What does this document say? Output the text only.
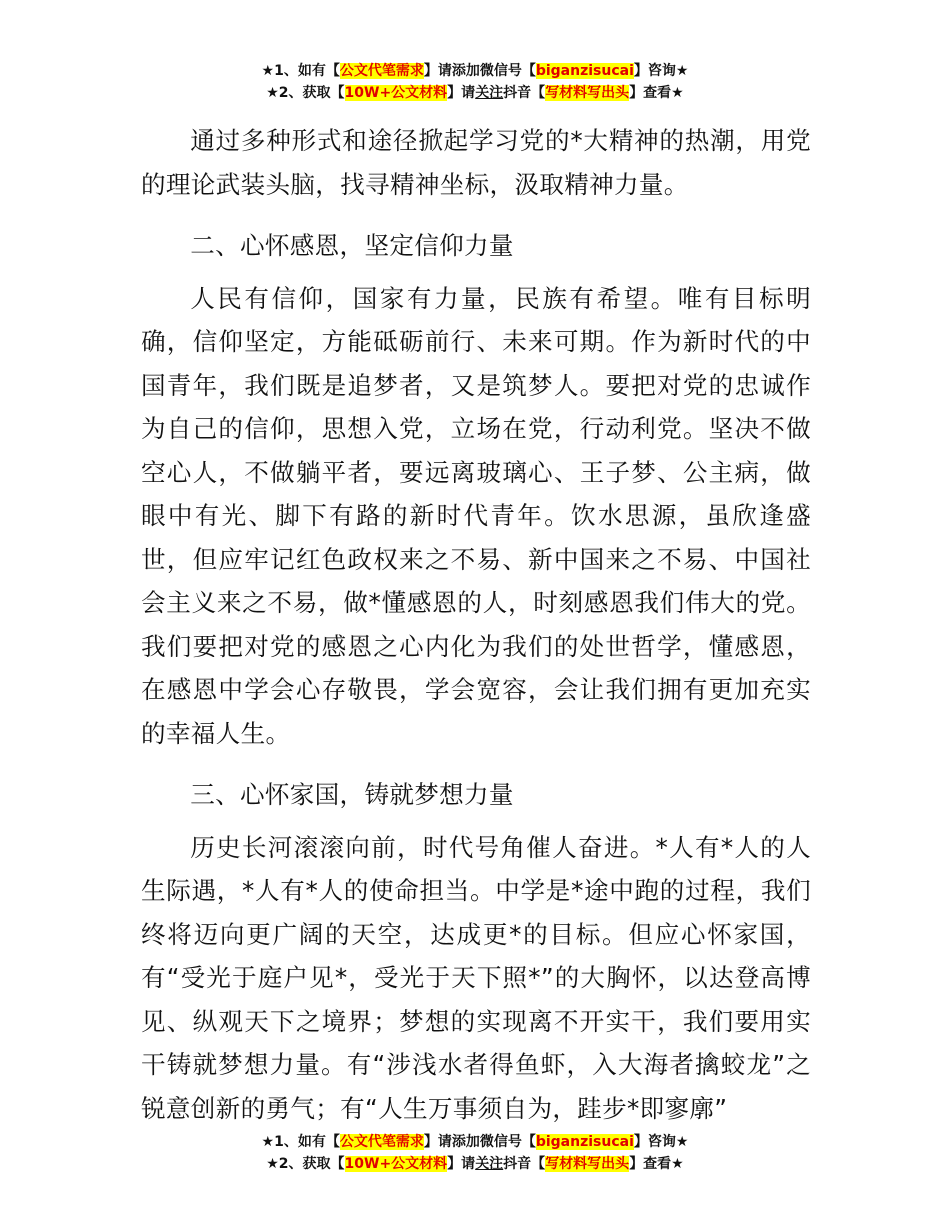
★1、如有【公文代笔需求】请添加微信号【biganzisucai】咨询★
★2、获取【10W+公文材料】请关注抖音【写材料写出头】查看★

通过多种形式和途径掀起学习党的*大精神的热潮，用党的理论武装头脑，找寻精神坐标，汲取精神力量。

二、心怀感恩，坚定信仰力量

人民有信仰，国家有力量，民族有希望。唯有目标明确，信仰坚定，方能砥砺前行、未来可期。作为新时代的中国青年，我们既是追梦者，又是筑梦人。要把对党的忠诚作为自己的信仰，思想入党，立场在党，行动利党。坚决不做空心人，不做躺平者，要远离玻璃心、王子梦、公主病，做眼中有光、脚下有路的新时代青年。饮水思源，虽欣逢盛世，但应牢记红色政权来之不易、新中国来之不易、中国社会主义来之不易，做*懂感恩的人，时刻感恩我们伟大的党。我们要把对党的感恩之心内化为我们的处世哲学，懂感恩，在感恩中学会心存敬畏，学会宽容，会让我们拥有更加充实的幸福人生。

三、心怀家国，铸就梦想力量

历史长河滚滚向前，时代号角催人奋进。*人有*人的人生际遇，*人有*人的使命担当。中学是*途中跑的过程，我们终将迈向更广阔的天空，达成更*的目标。但应心怀家国，有“受光于庭户见*，受光于天下照*”的大胸怀，以达登高博见、纵观天下之境界；梦想的实现离不开实干，我们要用实干铸就梦想力量。有“涉浅水者得鱼虾，入大海者擒蛟龙”之锐意创新的勇气；有“人生万事须自为，跬步*即寥廓”

★1、如有【公文代笔需求】请添加微信号【biganzisucai】咨询★
★2、获取【10W+公文材料】请关注抖音【写材料写出头】查看★
